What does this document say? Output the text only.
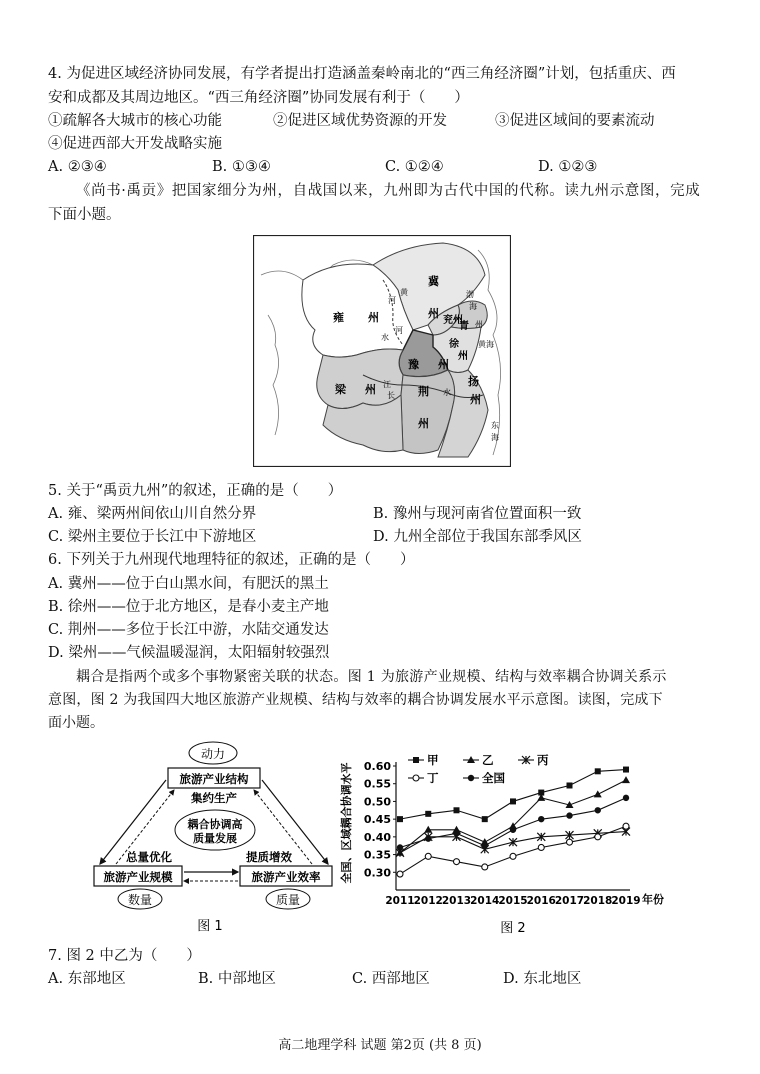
4. 为促进区域经济协同发展，有学者提出打造涵盖秦岭南北的“西三角经济圈”计划，包括重庆、西
安和成都及其周边地区。“西三角经济圈”协同发展有利于（　　）
①疏解各大城市的核心功能	②促进区域优势资源的开发	③促进区域间的要素流动
④促进西部大开发战略实施
A. ②③④	B. ①③④	C. ①②④	D. ①②③
《尚书·禹贡》把国家细分为州，自战国以来，九州即为古代中国的代称。读九州示意图，完成
下面小题。
冀
州
渤
海
兖 州
青 州
徐
州
黄海
豫 州
雍 州
河
黄
河
水
梁 州 江
长 荆
州
水
扬
州
东
海
5. 关于“禹贡九州”的叙述，正确的是（　　）
A. 雍、梁两州间依山川自然分界	B. 豫州与现河南省位置面积一致
C. 梁州主要位于长江中下游地区	D. 九州全部位于我国东部季风区
6. 下列关于九州现代地理特征的叙述，正确的是（　　）
A. 冀州——位于白山黑水间，有肥沃的黑土
B. 徐州——位于北方地区，是春小麦主产地
C. 荆州——多位于长江中游，水陆交通发达
D. 梁州——气候温暖湿润，太阳辐射较强烈
耦合是指两个或多个事物紧密关联的状态。图 1 为旅游产业规模、结构与效率耦合协调关系示
意图，图 2 为我国四大地区旅游产业规模、结构与效率的耦合协调发展水平示意图。读图，完成下
面小题。
动力
旅游产业结构
集约生产
耦合协调高
质量发展
旅游产业规模	旅游产业效率
总量优化	提质增效
数量	质量
图 1
全国、区域耦合协调水平 0.30
0.35
0.40
0.45
0.50
0.55
0.60
2011 2012 2013 2014 2015 2016 2017 2018 2019
甲	乙	丙
丁	全国
年份
图 2
7. 图 2 中乙为（　　）
A. 东部地区	B. 中部地区	C. 西部地区	D. 东北地区
高二地理学科 试题 第2页 (共 8 页)
